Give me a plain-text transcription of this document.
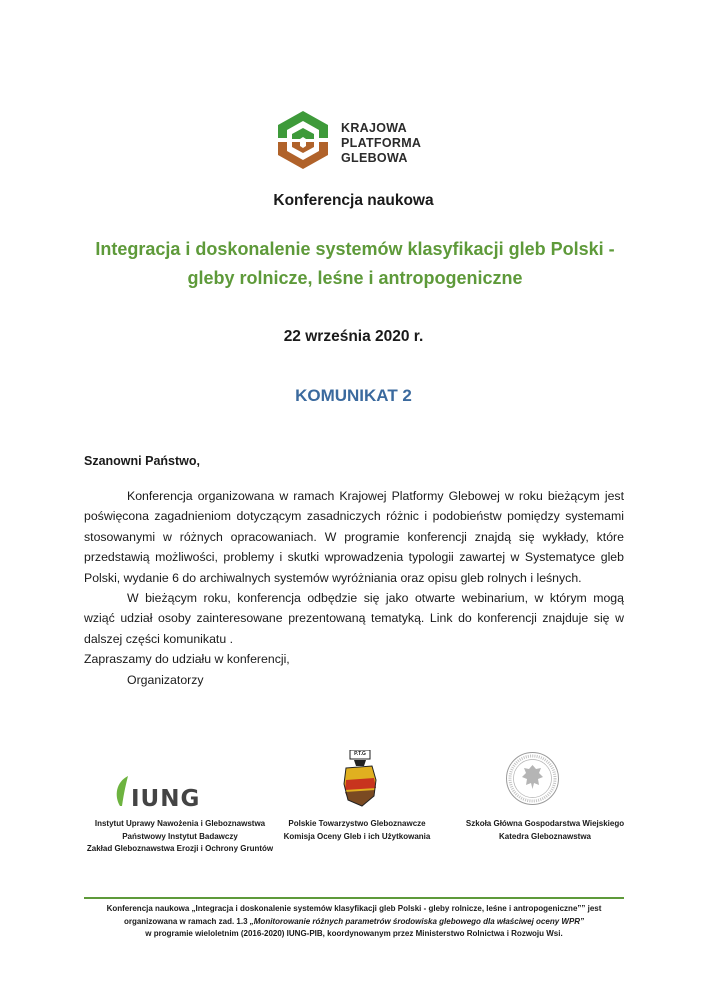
KRAJOWA
PLATFORMA
GLEBOWA
Konferencja naukowa
Integracja i doskonalenie systemów klasyfikacji gleb Polski -
gleby rolnicze, leśne i antropogeniczne
22 września 2020 r.
KOMUNIKAT 2
Szanowni Państwo,

Konferencja organizowana w ramach Krajowej Platformy Glebowej w roku bieżącym jest poświęcona zagadnieniom dotyczącym zasadniczych różnic i podobieństw pomiędzy systemami stosowanymi w różnych opracowaniach. W programie konferencji znajdą się wykłady, które przedstawią możliwości, problemy i skutki wprowadzenia typologii zawartej w Systematyce gleb Polski, wydanie 6 do archiwalnych systemów wyróżniania oraz opisu gleb rolnych i leśnych.

W bieżącym roku, konferencja odbędzie się jako otwarte webinarium, w którym mogą wziąć udział osoby zainteresowane prezentowaną tematyką. Link do konferencji znajduje się w dalszej części komunikatu .

Zapraszamy do udziału w konferencji,

Organizatorzy

IUNG
P.T.G
Instytut Uprawy Nawożenia i Gleboznawstwa
Państwowy Instytut Badawczy
Zakład Gleboznawstwa Erozji i Ochrony Gruntów
Polskie Towarzystwo Gleboznawcze
Komisja Oceny Gleb i ich Użytkowania
Szkoła Główna Gospodarstwa Wiejskiego
Katedra Gleboznawstwa
Konferencja naukowa „Integracja i doskonalenie systemów klasyfikacji gleb Polski - gleby rolnicze, leśne i antropogeniczne”” jest
organizowana w ramach zad. 1.3 „Monitorowanie różnych parametrów środowiska glebowego dla właściwej oceny WPR”
w programie wieloletnim (2016-2020) IUNG-PIB, koordynowanym przez Ministerstwo Rolnictwa i Rozwoju Wsi.
